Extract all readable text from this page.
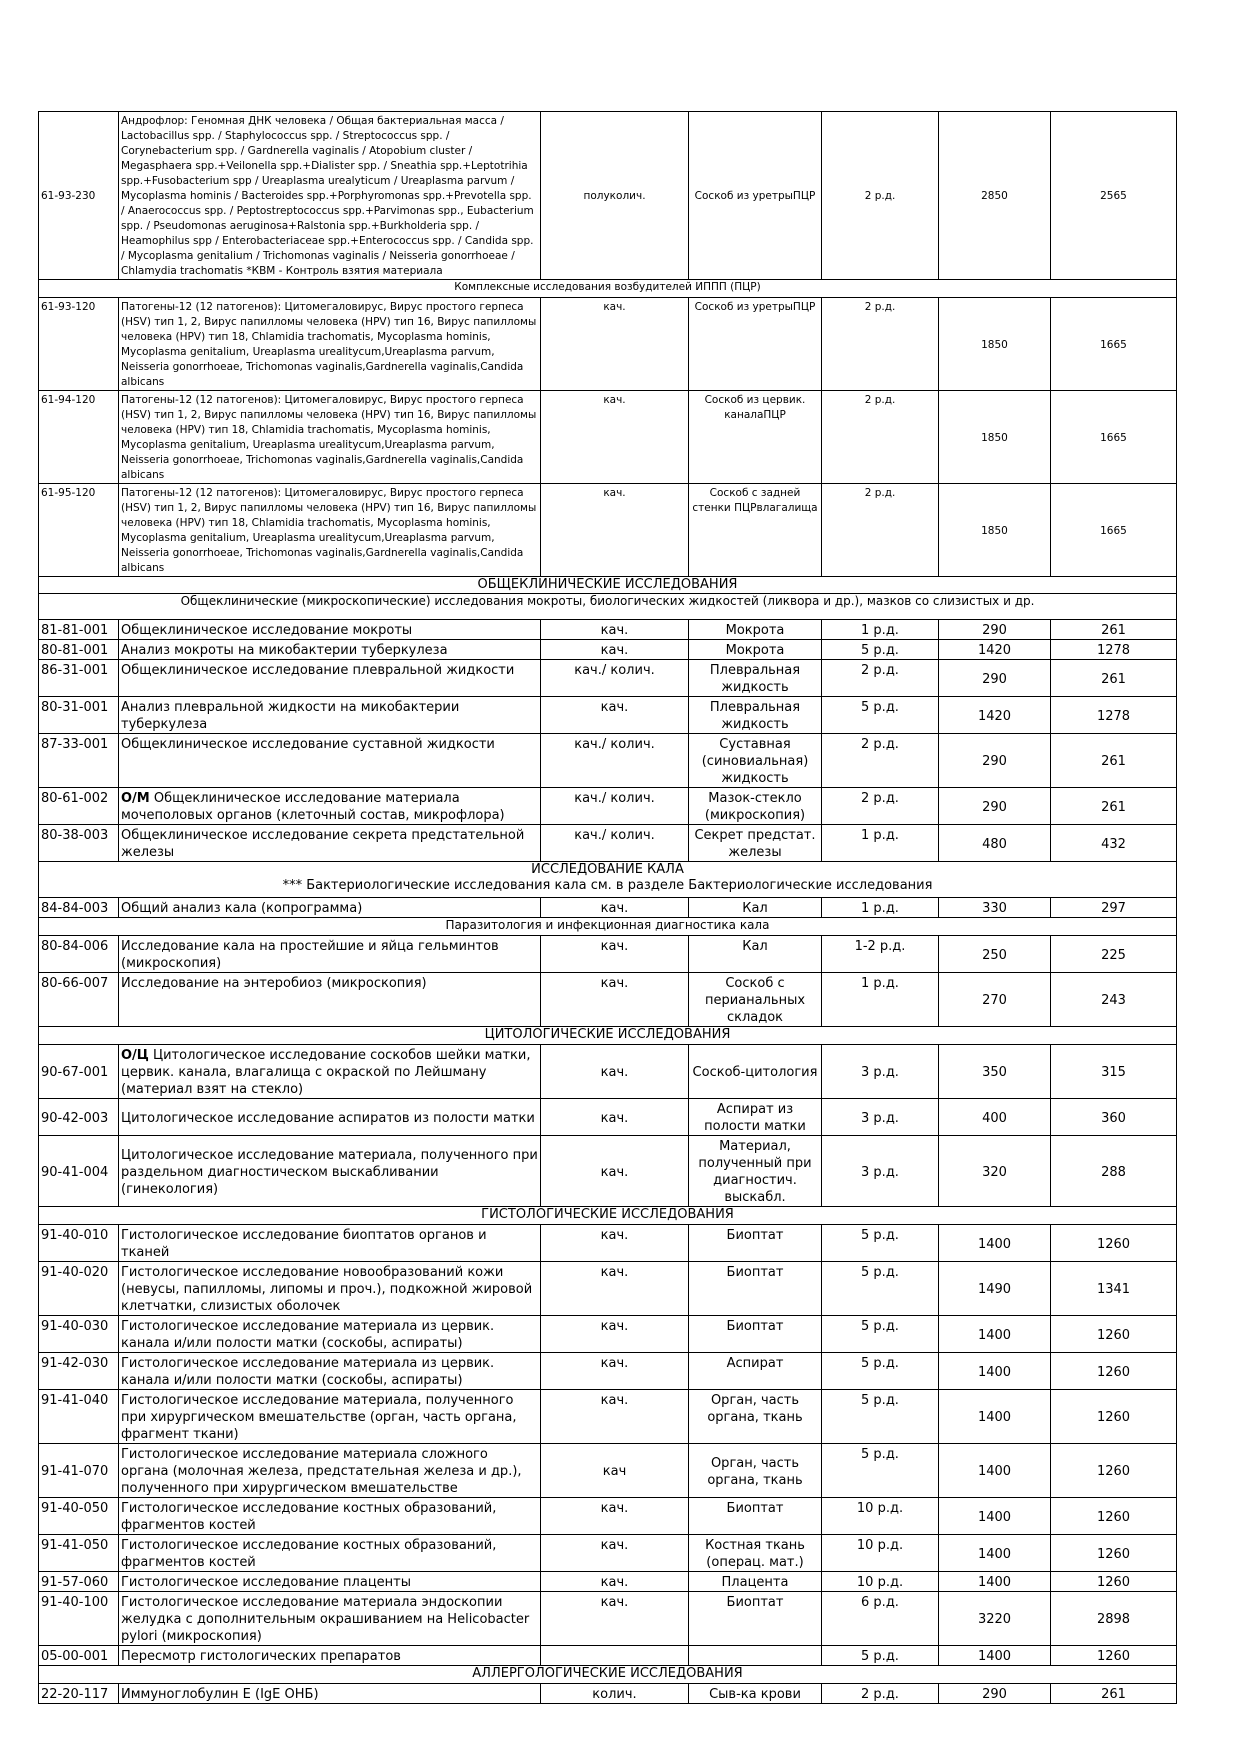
61-93-230	Андрофлор: Геномная ДНК человека / Общая бактериальная масса / Lactobacillus spp. / Staphylococcus spp. / Streptococcus spp. / Corynebacterium spp. / Gardnerella vaginalis / Atopobium cluster / Megasphaera spp.+Veilonella spp.+Dialister spp. / Sneathia spp.+Leptotrihia spp.+Fusobacterium spp / Ureaplasma urealyticum / Ureaplasma parvum / Mycoplasma hominis / Bacteroides spp.+Porphyromonas spp.+Prevotella spp. / Anaerococcus spp. / Peptostreptococcus spp.+Parvimonas spp., Eubacterium spp. / Pseudomonas aeruginosa+Ralstonia spp.+Burkholderia spp. / Heamophilus spp / Enterobacteriaceae spp.+Enterococcus spp. / Candida spp. / Mycoplasma genitalium / Trichomonas vaginalis / Neisseria gonorrhoeae / Chlamydia trachomatis *КВМ - Контроль взятия материала	полуколич.	Соскоб из уретрыПЦР	2 р.д.	2850	2565

Комплексные исследования возбудителей ИППП (ПЦР)						

61-93-120	Патогены-12 (12 патогенов): Цитомегаловирус, Вирус простого герпеса (HSV) тип 1, 2, Вирус папилломы человека (HPV) тип 16, Вирус папилломы человека (HPV) тип 18, Chlamidia trachomatis, Mycoplasma hominis, Mycoplasma genitalium, Ureaplasma urealitycum,Ureaplasma parvum, Neisseria gonorrhoeae, Trichomonas vaginalis,Gardnerella vaginalis,Candida albicans	кач.	Соскоб из уретрыПЦР	2 р.д.	1850	1665
61-94-120	Патогены-12 (12 патогенов): Цитомегаловирус, Вирус простого герпеса (HSV) тип 1, 2, Вирус папилломы человека (HPV) тип 16, Вирус папилломы человека (HPV) тип 18, Chlamidia trachomatis, Mycoplasma hominis, Mycoplasma genitalium, Ureaplasma urealitycum,Ureaplasma parvum, Neisseria gonorrhoeae, Trichomonas vaginalis,Gardnerella vaginalis,Candida albicans	кач.	Соскоб из цервик. каналаПЦР	2 р.д.	1850	1665
61-95-120	Патогены-12 (12 патогенов): Цитомегаловирус, Вирус простого герпеса (HSV) тип 1, 2, Вирус папилломы человека (HPV) тип 16, Вирус папилломы человека (HPV) тип 18, Chlamidia trachomatis, Mycoplasma hominis, Mycoplasma genitalium, Ureaplasma urealitycum,Ureaplasma parvum, Neisseria gonorrhoeae, Trichomonas vaginalis,Gardnerella vaginalis,Candida albicans	кач.	Соскоб с задней стенки ПЦРвлагалища	2 р.д.	1850	1665

ОБЩЕКЛИНИЧЕСКИЕ ИССЛЕДОВАНИЯ						

Общеклинические (микроскопические) исследования мокроты, биологических жидкостей (ликвора и др.), мазков со слизистых и др.						

81-81-001	Общеклиническое исследование мокроты	кач.	Мокрота	1 р.д.	290	261
80-81-001	Анализ мокроты на микобактерии туберкулеза	кач.	Мокрота	5 р.д.	1420	1278
86-31-001	Общеклиническое исследование плевральной жидкости	кач./ колич.	Плевральная жидкость	2 р.д.	290	261
80-31-001	Анализ плевральной жидкости на микобактерии туберкулеза	кач.	Плевральная жидкость	5 р.д.	1420	1278
87-33-001	Общеклиническое исследование суставной жидкости	кач./ колич.	Суставная (синовиальная) жидкость	2 р.д.	290	261
80-61-002	О/М Общеклиническое исследование материала мочеполовых органов (клеточный состав, микрофлора)	кач./ колич.	Мазок-стекло (микроскопия)	2 р.д.	290	261
80-38-003	Общеклиническое исследование секрета предстательной железы	кач./ колич.	Секрет предстат. железы	1 р.д.	480	432

ИССЛЕДОВАНИЕ КАЛА
*** Бактериологические исследования кала см. в разделе Бактериологические исследования						

84-84-003	Общий анализ кала (копрограмма)	кач.	Кал	1 р.д.	330	297

Паразитология и инфекционная диагностика кала						

80-84-006	Исследование кала на простейшие и яйца гельминтов (микроскопия)	кач.	Кал	1-2 р.д.	250	225
80-66-007	Исследование на энтеробиоз (микроскопия)	кач.	Соскоб с перианальных складок	1 р.д.	270	243

ЦИТОЛОГИЧЕСКИЕ ИССЛЕДОВАНИЯ						

90-67-001	О/Ц Цитологическое исследование соскобов шейки матки, цервик. канала, влагалища с окраской по Лейшману (материал взят на стекло)	кач.	Соскоб-цитология	3 р.д.	350	315
90-42-003	Цитологическое исследование аспиратов из полости матки	кач.	Аспират из полости матки	3 р.д.	400	360
90-41-004	Цитологическое исследование материала, полученного при раздельном диагностическом выскабливании (гинекология)	кач.	Материал, полученный при диагностич. выскабл.	3 р.д.	320	288

ГИСТОЛОГИЧЕСКИЕ ИССЛЕДОВАНИЯ						

91-40-010	Гистологическое исследование биоптатов органов и тканей	кач.	Биоптат	5 р.д.	1400	1260
91-40-020	Гистологическое исследование новообразований кожи (невусы, папилломы, липомы и проч.), подкожной жировой клетчатки, слизистых оболочек	кач.	Биоптат	5 р.д.	1490	1341
91-40-030	Гистологическое исследование материала из цервик. канала и/или полости матки (соскобы, аспираты)	кач.	Биоптат	5 р.д.	1400	1260
91-42-030	Гистологическое исследование материала из цервик. канала и/или полости матки (соскобы, аспираты)	кач.	Аспират	5 р.д.	1400	1260
91-41-040	Гистологическое исследование материала, полученного при хирургическом вмешательстве (орган, часть органа, фрагмент ткани)	кач.	Орган, часть органа, ткань	5 р.д.	1400	1260
91-41-070	Гистологическое исследование материала сложного органа (молочная железа, предстательная железа и др.), полученного при хирургическом вмешательстве	кач	Орган, часть органа, ткань	5 р.д.	1400	1260
91-40-050	Гистологическое исследование костных образований, фрагментов костей	кач.	Биоптат	10 р.д.	1400	1260
91-41-050	Гистологическое исследование костных образований, фрагментов костей	кач.	Костная ткань (операц. мат.)	10 р.д.	1400	1260
91-57-060	Гистологическое исследование плаценты	кач.	Плацента	10 р.д.	1400	1260
91-40-100	Гистологическое исследование материала эндоскопии желудка с дополнительным окрашиванием на Helicobacter pylori (микроскопия)	кач.	Биоптат	6 р.д.	3220	2898
05-00-001	Пересмотр гистологических препаратов			5 р.д.	1400	1260

АЛЛЕРГОЛОГИЧЕСКИЕ ИССЛЕДОВАНИЯ						

22-20-117	Иммуноглобулин Е (IgE ОНБ)	колич.	Сыв-ка крови	2 р.д.	290	261
